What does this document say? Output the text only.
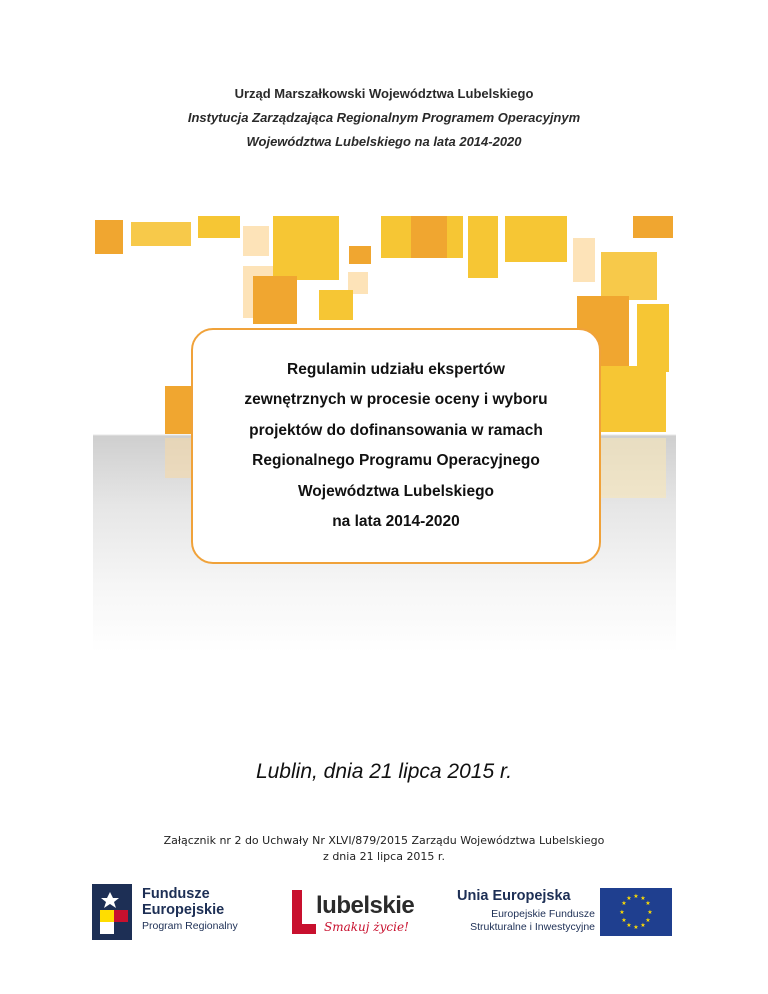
Urząd Marszałkowski Województwa Lubelskiego
Instytucja Zarządzająca Regionalnym Programem Operacyjnym
Województwa Lubelskiego na lata 2014-2020
Regulamin udziału ekspertów
zewnętrznych w procesie oceny i wyboru
projektów do dofinansowania w ramach
Regionalnego Programu Operacyjnego
Województwa Lubelskiego
na lata 2014-2020
Lublin, dnia 21 lipca 2015 r.
Załącznik nr 2 do Uchwały Nr XLVI/879/2015 Zarządu Województwa Lubelskiego
z dnia 21 lipca 2015 r.
Fundusze
Europejskie
Program Regionalny
lubelskie
Smakuj życie!
Unia Europejska
Europejskie Fundusze
Strukturalne i Inwestycyjne
★ ★
★
★
★
★
★
★
★
★
★
★
